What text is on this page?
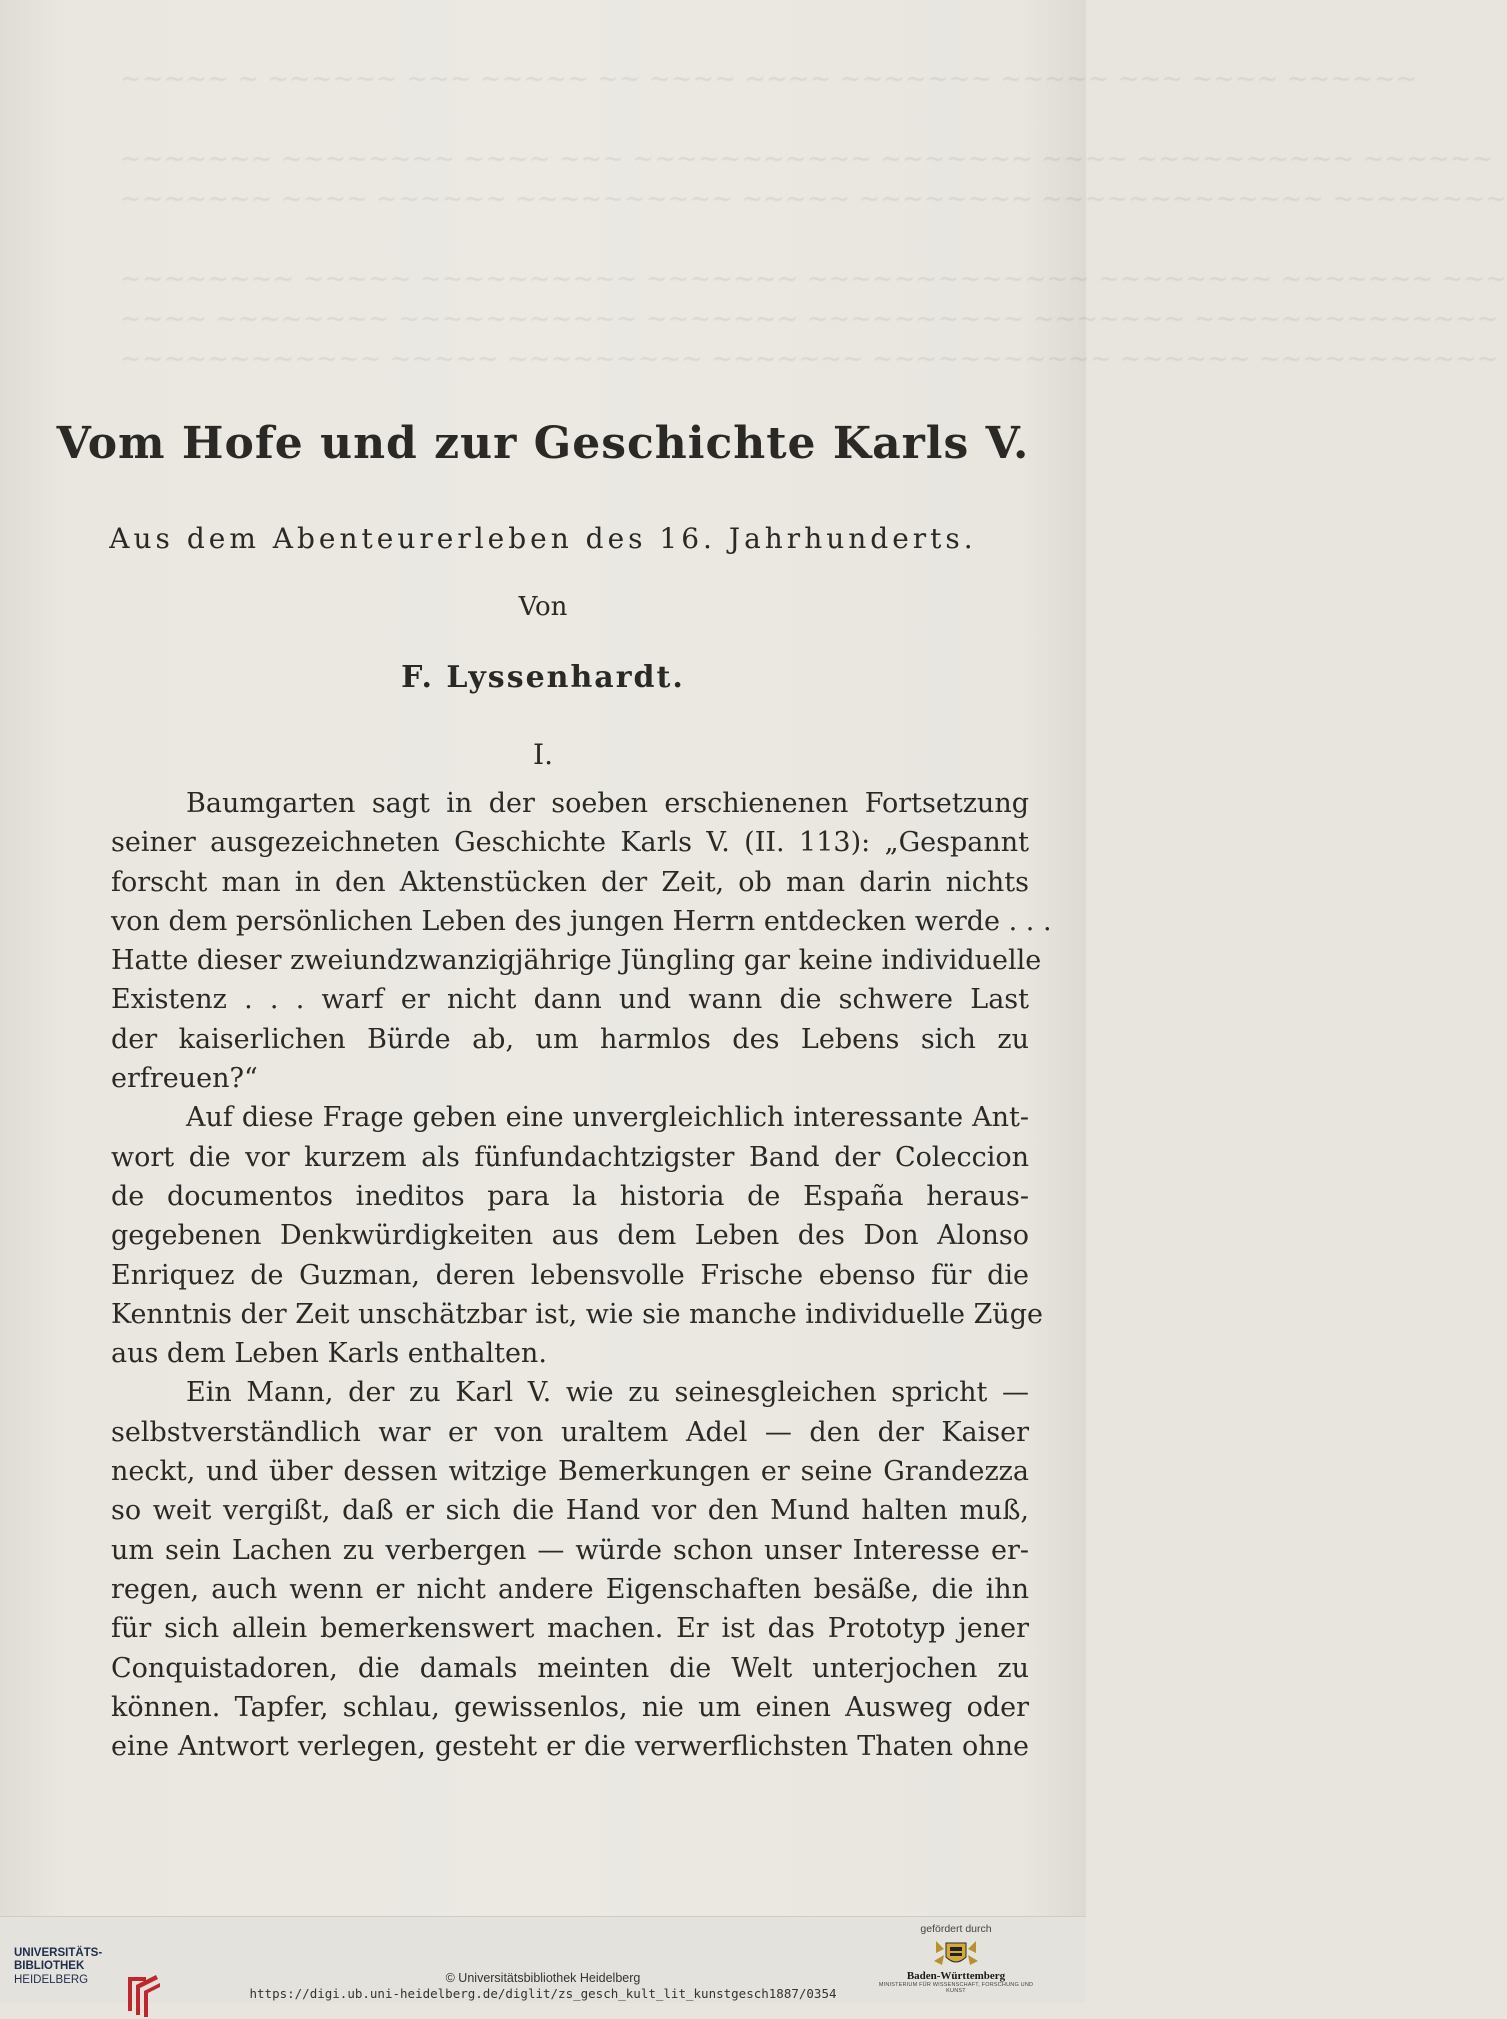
~~~~~ ~ ~~~~~~ ~~~ ~~~~~ ~~ ~~~~ ~~~~ ~~~~~~~ ~~~~~ ~~~ ~~~~ ~~~~~~
~~~~~~~ ~~~~~~~~ ~~~~ ~~~ ~~~~~~~~~~~ ~~~~~~~ ~~~~ ~~~~~~~~~~ ~~~~~~
~~~~~~~ ~~~~ ~~~~~~ ~~~~~~~~~~ ~~~~~ ~~~~~~~~ ~~~~~~~~~~~~~ ~~~~~~~~
~~~~~~~~ ~~~~~ ~~~~~~~~~~ ~~~~~~~ ~~~~~~~~~~~~~ ~~~~~~~~ ~~~~~~~ ~~~
~~~~ ~~~~~~~~ ~~~~~~~~~~~ ~~~~~~~ ~~~~~~~~~~ ~~~~~~~ ~~~~~~~~~~~~~~
~~~~~~~~~~~~ ~~~~~ ~~~~~~~~~ ~~~~~~~ ~~~~~~~~~~~ ~~~~~~ ~~~~~~~~~~~
Vom Hofe und zur Geschichte Karls V.
Aus dem Abenteurerleben des 16. Jahrhunderts.
Von
F. Lyssenhardt.
I.
Baumgarten sagt in der soeben erschienenen Fortsetzung
seiner ausgezeichneten Geschichte Karls V. (II. 113): „Gespannt
forscht man in den Aktenstücken der Zeit, ob man darin nichts
von dem persönlichen Leben des jungen Herrn entdecken werde . . .
Hatte dieser zweiundzwanzigjährige Jüngling gar keine individuelle
Existenz . . . warf er nicht dann und wann die schwere Last
der kaiserlichen Bürde ab, um harmlos des Lebens sich zu
erfreuen?“
Auf diese Frage geben eine unvergleichlich interessante Ant-
wort die vor kurzem als fünfundachtzigster Band der Coleccion
de documentos ineditos para la historia de España heraus-
gegebenen Denkwürdigkeiten aus dem Leben des Don Alonso
Enriquez de Guzman, deren lebensvolle Frische ebenso für die
Kenntnis der Zeit unschätzbar ist, wie sie manche individuelle Züge
aus dem Leben Karls enthalten.
Ein Mann, der zu Karl V. wie zu seinesgleichen spricht —
selbstverständlich war er von uraltem Adel — den der Kaiser
neckt, und über dessen witzige Bemerkungen er seine Grandezza
so weit vergißt, daß er sich die Hand vor den Mund halten muß,
um sein Lachen zu verbergen — würde schon unser Interesse er-
regen, auch wenn er nicht andere Eigenschaften besäße, die ihn
für sich allein bemerkenswert machen. Er ist das Prototyp jener
Conquistadoren, die damals meinten die Welt unterjochen zu
können. Tapfer, schlau, gewissenlos, nie um einen Ausweg oder
eine Antwort verlegen, gesteht er die verwerflichsten Thaten ohne
UNIVERSITÄTS-
BIBLIOTHEK
HEIDELBERG	© Universitätsbibliothek Heidelberg
https://digi.ub.uni-heidelberg.de/diglit/zs_gesch_kult_lit_kunstgesch1887/0354
gefördert durch
Baden-Württemberg
MINISTERIUM FÜR WISSENSCHAFT, FORSCHUNG UND KUNST
